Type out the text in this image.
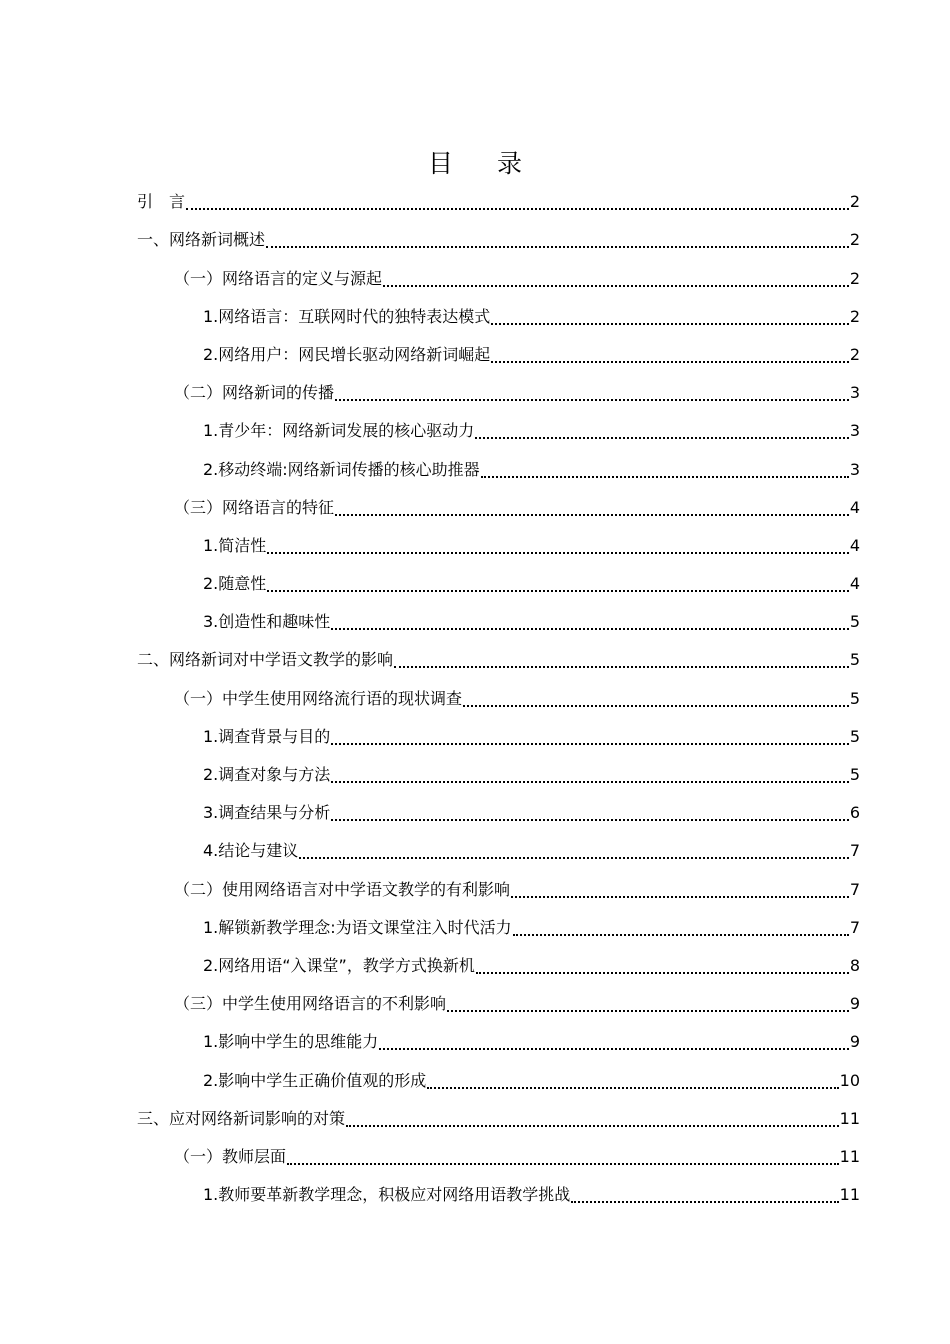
目 录
引　言	2
一、网络新词概述	2
（一）网络语言的定义与源起	2
1.网络语言：互联网时代的独特表达模式	2
2.网络用户：网民增长驱动网络新词崛起	2
（二）网络新词的传播	3
1.青少年：网络新词发展的核心驱动力	3
2.移动终端:网络新词传播的核心助推器	3
（三）网络语言的特征	4
1.简洁性	4
2.随意性	4
3.创造性和趣味性	5
二、网络新词对中学语文教学的影响	5
（一）中学生使用网络流行语的现状调查	5
1.调查背景与目的	5
2.调查对象与方法	5
3.调查结果与分析	6
4.结论与建议	7
（二）使用网络语言对中学语文教学的有利影响	7
1.解锁新教学理念:为语文课堂注入时代活力	7
2.网络用语“入课堂”，教学方式换新机	8
（三）中学生使用网络语言的不利影响	9
1.影响中学生的思维能力	9
2.影响中学生正确价值观的形成	10
三、应对网络新词影响的对策	11
（一）教师层面	11
1.教师要革新教学理念，积极应对网络用语教学挑战	11
